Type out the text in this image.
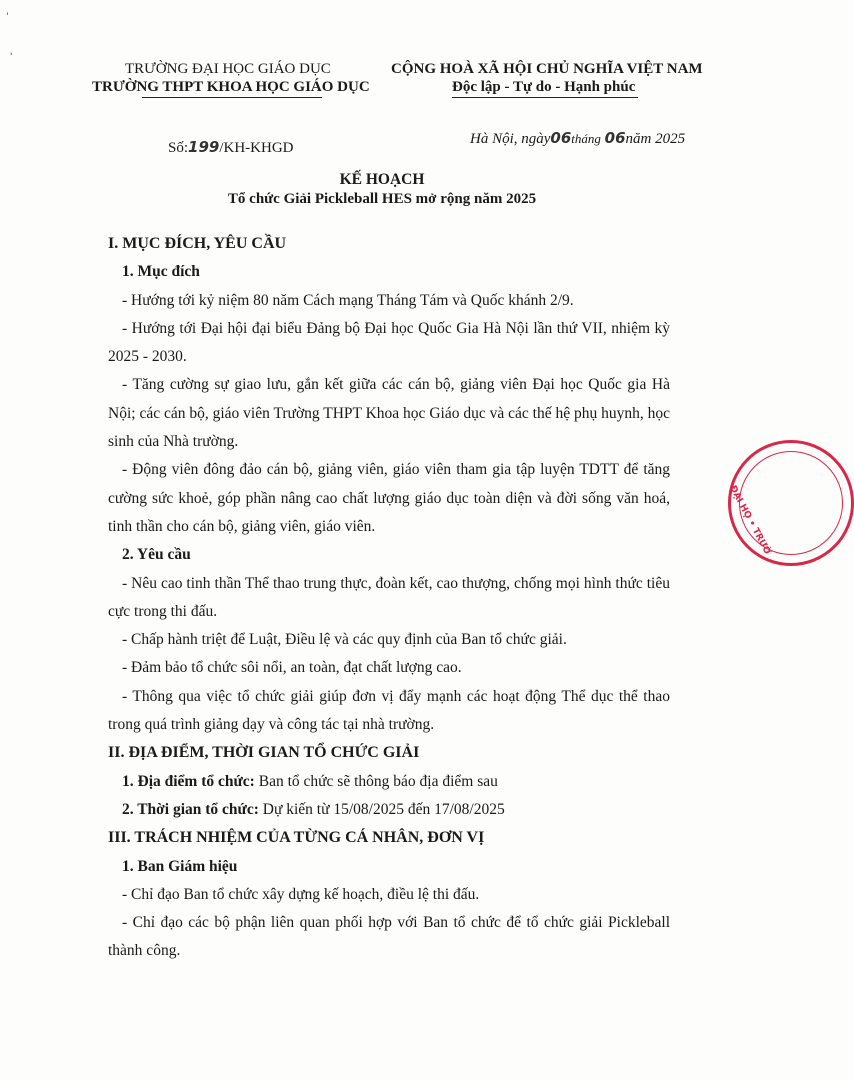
ˈ
ʾ
TRƯỜNG ĐẠI HỌC GIÁO DỤC
TRƯỜNG THPT KHOA HỌC GIÁO DỤC
CỘNG HOÀ XÃ HỘI CHỦ NGHĨA VIỆT NAM
Độc lập - Tự do - Hạnh phúc
Số:199/KH-KHGD
Hà Nội, ngày06tháng 06năm 2025
KẾ HOẠCH
Tổ chức Giải Pickleball HES mở rộng năm 2025

I. MỤC ĐÍCH, YÊU CẦU

1. Mục đích

- Hướng tới kỷ niệm 80 năm Cách mạng Tháng Tám và Quốc khánh 2/9.

- Hướng tới Đại hội đại biểu Đảng bộ Đại học Quốc Gia Hà Nội lần thứ VII, nhiệm kỳ 2025 - 2030.

- Tăng cường sự giao lưu, gắn kết giữa các cán bộ, giảng viên Đại học Quốc gia Hà Nội; các cán bộ, giáo viên Trường THPT Khoa học Giáo dục và các thế hệ phụ huynh, học sinh của Nhà trường.

- Động viên đông đảo cán bộ, giảng viên, giáo viên tham gia tập luyện TDTT để tăng cường sức khoẻ, góp phần nâng cao chất lượng giáo dục toàn diện và đời sống văn hoá, tinh thần cho cán bộ, giảng viên, giáo viên.

2. Yêu cầu

- Nêu cao tinh thần Thể thao trung thực, đoàn kết, cao thượng, chống mọi hình thức tiêu cực trong thi đấu.

- Chấp hành triệt để Luật, Điều lệ và các quy định của Ban tổ chức giải.

- Đảm bảo tổ chức sôi nổi, an toàn, đạt chất lượng cao.

- Thông qua việc tổ chức giải giúp đơn vị đẩy mạnh các hoạt động Thể dục thể thao trong quá trình giảng dạy và công tác tại nhà trường.

II. ĐỊA ĐIỂM, THỜI GIAN TỔ CHỨC GIẢI

1. Địa điểm tổ chức: Ban tổ chức sẽ thông báo địa điểm sau

2. Thời gian tổ chức: Dự kiến từ 15/08/2025 đến 17/08/2025

III. TRÁCH NHIỆM CỦA TỪNG CÁ NHÂN, ĐƠN VỊ

1. Ban Giám hiệu

- Chỉ đạo Ban tổ chức xây dựng kế hoạch, điều lệ thi đấu.

- Chỉ đạo các bộ phận liên quan phối hợp với Ban tổ chức để tổ chức giải Pickleball thành công.

ĐẠI HỌ • TRƯỜ
